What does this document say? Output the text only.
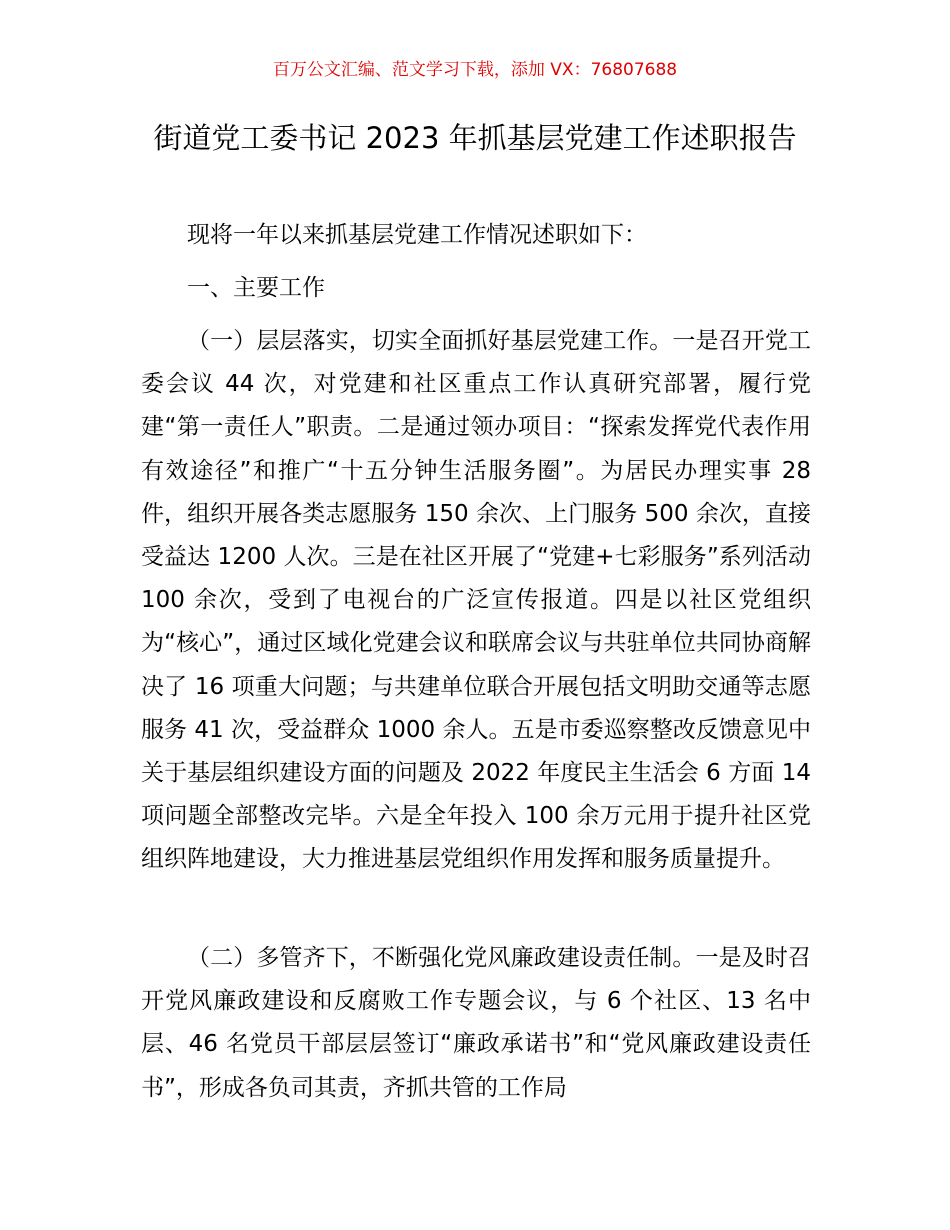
百万公文汇编、范文学习下载，添加 VX：76807688
街道党工委书记 2023 年抓基层党建工作述职报告
现将一年以来抓基层党建工作情况述职如下：
一、主要工作
（一）层层落实，切实全面抓好基层党建工作。一是召开党工委会议 44 次，对党建和社区重点工作认真研究部署，履行党建“第一责任人”职责。二是通过领办项目：“探索发挥党代表作用有效途径”和推广“十五分钟生活服务圈”。为居民办理实事 28 件，组织开展各类志愿服务 150 余次、上门服务 500 余次，直接受益达 1200 人次。三是在社区开展了“党建+七彩服务”系列活动 100 余次，受到了电视台的广泛宣传报道。四是以社区党组织为“核心”，通过区域化党建会议和联席会议与共驻单位共同协商解决了 16 项重大问题；与共建单位联合开展包括文明助交通等志愿服务 41 次，受益群众 1000 余人。五是市委巡察整改反馈意见中关于基层组织建设方面的问题及 2022 年度民主生活会 6 方面 14 项问题全部整改完毕。六是全年投入 100 余万元用于提升社区党组织阵地建设，大力推进基层党组织作用发挥和服务质量提升。
（二）多管齐下，不断强化党风廉政建设责任制。一是及时召开党风廉政建设和反腐败工作专题会议，与 6 个社区、13 名中层、46 名党员干部层层签订“廉政承诺书”和“党风廉政建设责任书”，形成各负司其责，齐抓共管的工作局
